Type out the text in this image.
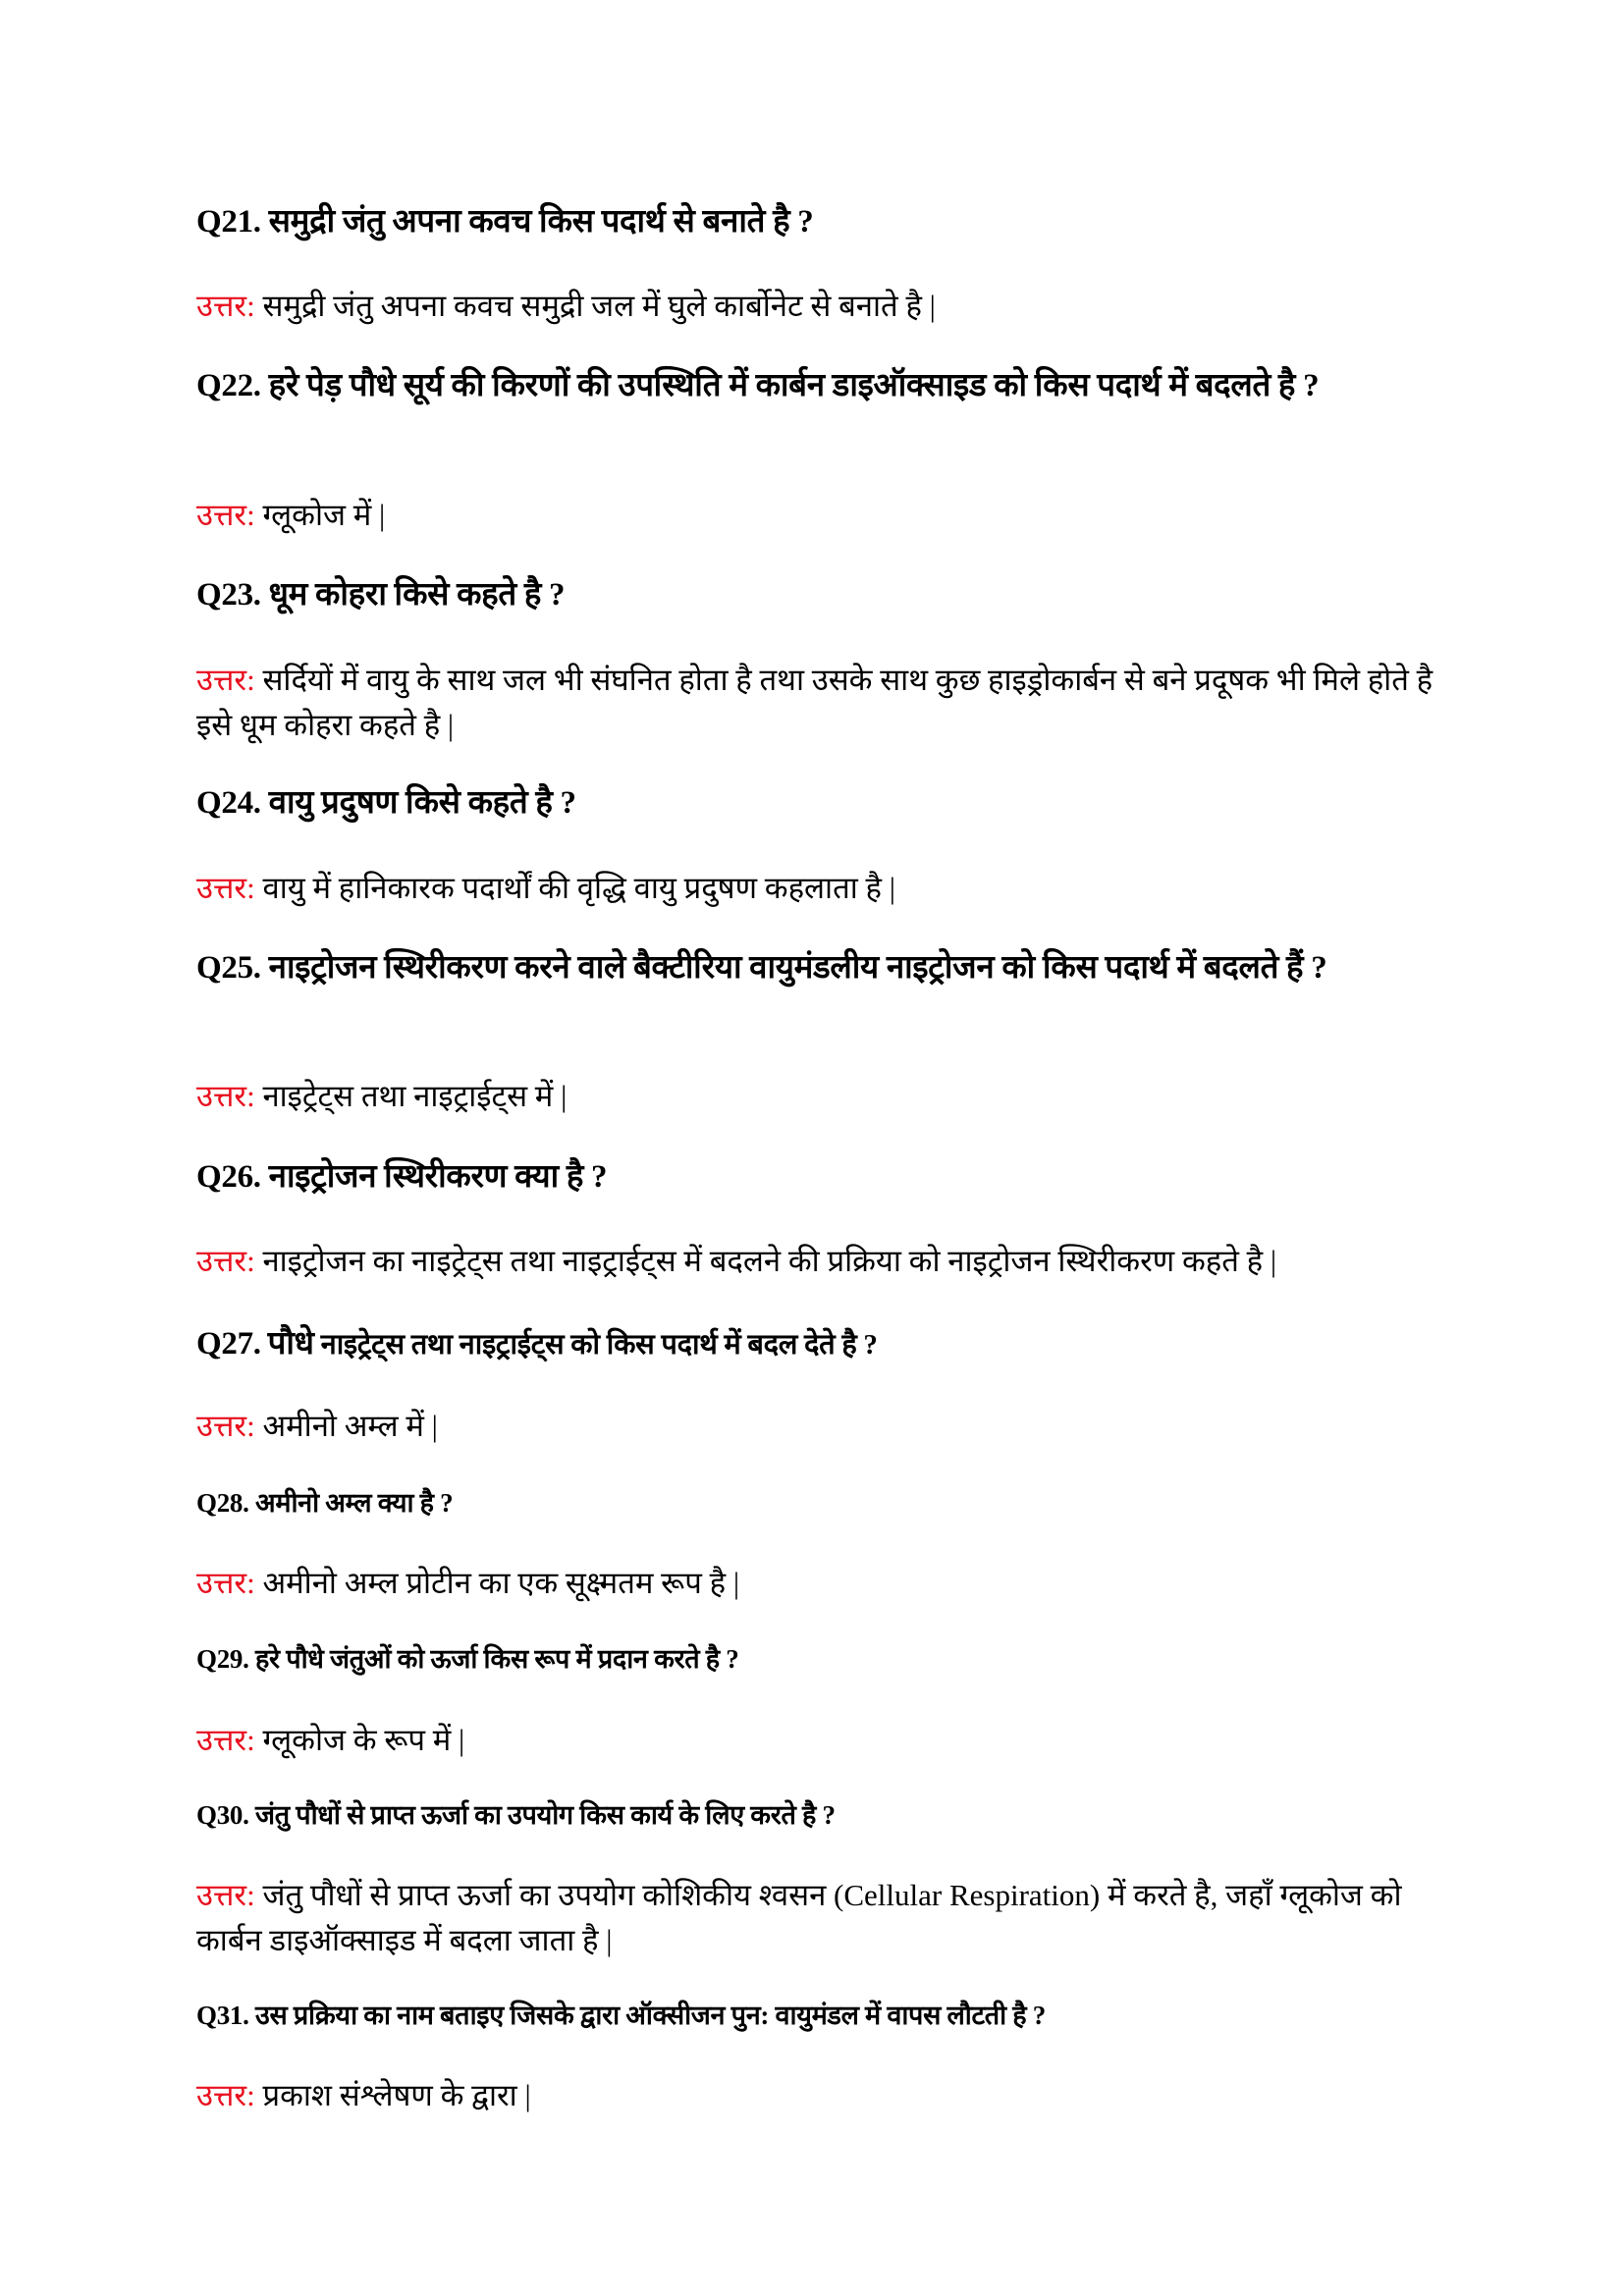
Q21. समुद्री जंतु अपना कवच किस पदार्थ से बनाते है ?
उत्तर: समुद्री जंतु अपना कवच समुद्री जल में घुले कार्बोनेट से बनाते है |
Q22. हरे पेड़ पौधे सूर्य की किरणों की उपस्थिति में कार्बन डाइऑक्साइड को किस पदार्थ में बदलते है ?
उत्तर: ग्लूकोज में |
Q23. धूम कोहरा किसे कहते है ?
उत्तर: सर्दियों में वायु के साथ जल भी संघनित होता है तथा उसके साथ कुछ हाइड्रोकार्बन से बने प्रदूषक भी मिले होते है इसे धूम कोहरा कहते है |
Q24. वायु प्रदुषण किसे कहते है ?
उत्तर: वायु में हानिकारक पदार्थों की वृद्धि वायु प्रदुषण कहलाता है |
Q25. नाइट्रोजन स्थिरीकरण करने वाले बैक्टीरिया वायुमंडलीय नाइट्रोजन को किस पदार्थ में बदलते हैं ?
उत्तर: नाइट्रेट्स तथा नाइट्राईट्स में |
Q26. नाइट्रोजन स्थिरीकरण क्या है ?
उत्तर: नाइट्रोजन का नाइट्रेट्स तथा नाइट्राईट्स में बदलने की प्रक्रिया को नाइट्रोजन स्थिरीकरण कहते है |
Q27. पौधे नाइट्रेट्स तथा नाइट्राईट्स को किस पदार्थ में बदल देते है ?
उत्तर: अमीनो अम्ल में |
Q28. अमीनो अम्ल क्या है ?
उत्तर: अमीनो अम्ल प्रोटीन का एक सूक्ष्मतम रूप है |
Q29. हरे पौधे जंतुओं को ऊर्जा किस रूप में प्रदान करते है ?
उत्तर: ग्लूकोज के रूप में |
Q30. जंतु पौधों से प्राप्त ऊर्जा का उपयोग किस कार्य के लिए करते है ?
उत्तर: जंतु पौधों से प्राप्त ऊर्जा का उपयोग कोशिकीय श्वसन (Cellular Respiration) में करते है, जहाँ ग्लूकोज को कार्बन डाइऑक्साइड में बदला जाता है |
Q31. उस प्रक्रिया का नाम बताइए जिसके द्वारा ऑक्सीजन पुन: वायुमंडल में वापस लौटती है ?
उत्तर: प्रकाश संश्लेषण के द्वारा |
